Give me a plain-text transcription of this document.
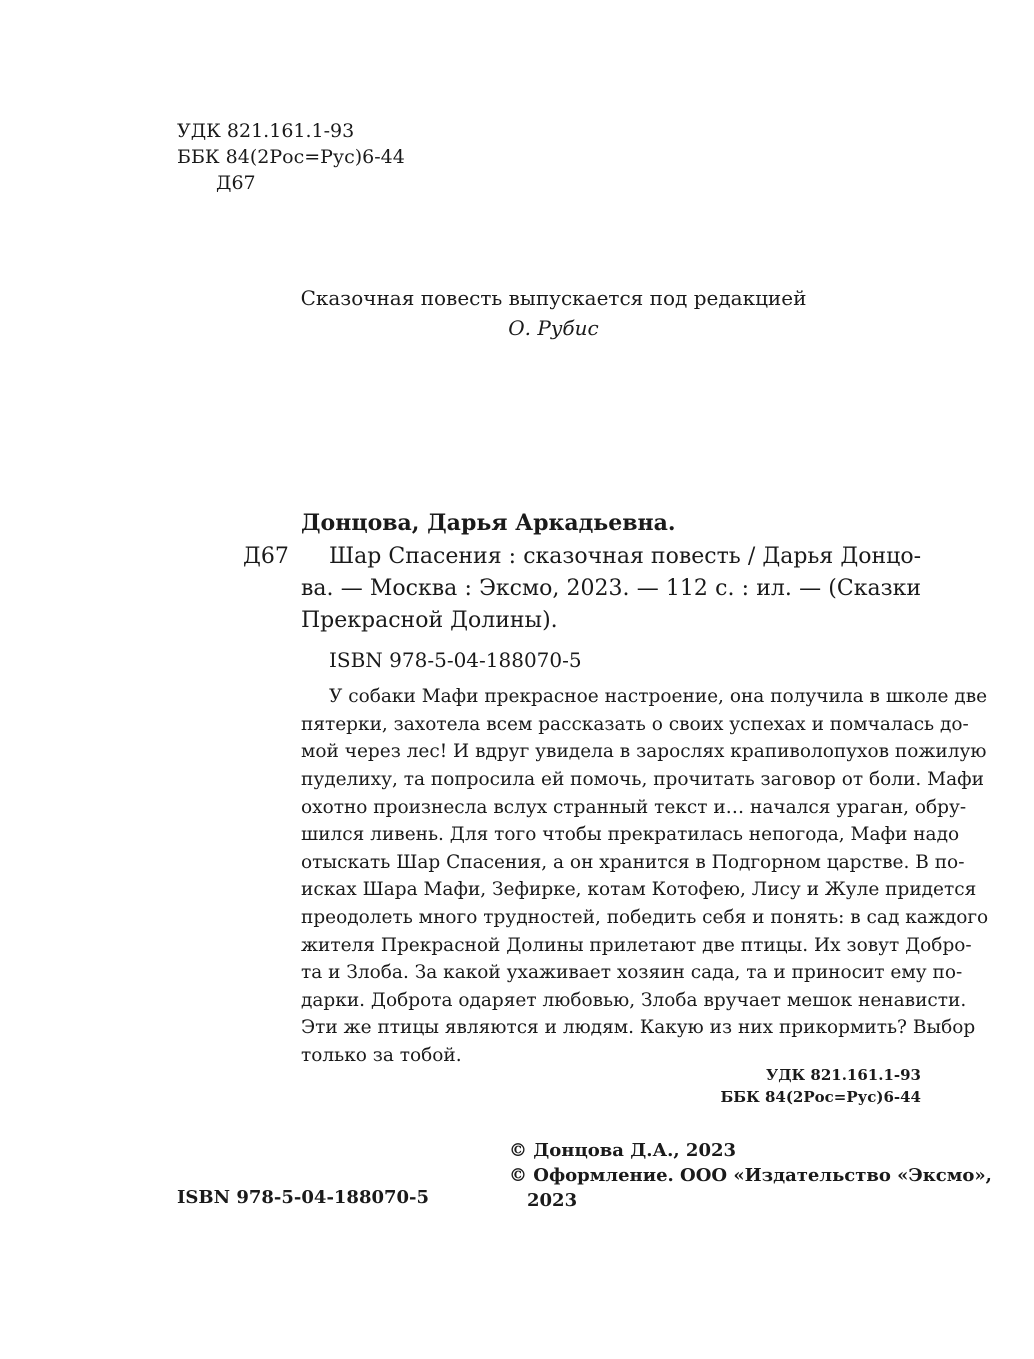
УДК 821.161.1-93
ББК 84(2Рос=Рус)6-44
Д67
Сказочная повесть выпускается под редакцией
О. Рубис
Донцова, Дарья Аркадьевна.
Д67 Шар Спасения : сказочная повесть / Дарья Донцо-
ва. — Москва : Эксмо, 2023. — 112 с. : ил. — (Сказки
Прекрасной Долины).
ISBN 978-5-04-188070-5
У собаки Мафи прекрасное настроение, она получила в школе две
пятерки, захотела всем рассказать о своих успехах и помчалась до-
мой через лес! И вдруг увидела в зарослях крапиволопухов пожилую
пуделиху, та попросила ей помочь, прочитать заговор от боли. Мафи
охотно произнесла вслух странный текст и… начался ураган, обру-
шился ливень. Для того чтобы прекратилась непогода, Мафи надо
отыскать Шар Спасения, а он хранится в Подгорном царстве. В по-
исках Шара Мафи, Зефирке, котам Котофею, Лису и Жуле придется
преодолеть много трудностей, победить себя и понять: в сад каждого
жителя Прекрасной Долины прилетают две птицы. Их зовут Добро-
та и Злоба. За какой ухаживает хозяин сада, та и приносит ему по-
дарки. Доброта одаряет любовью, Злоба вручает мешок ненависти.
Эти же птицы являются и людям. Какую из них прикормить? Выбор
только за тобой.
УДК 821.161.1-93
ББК 84(2Рос=Рус)6-44
© Донцова Д.А., 2023
© Оформление. ООО «Издательство «Эксмо»,
2023
ISBN 978-5-04-188070-5
